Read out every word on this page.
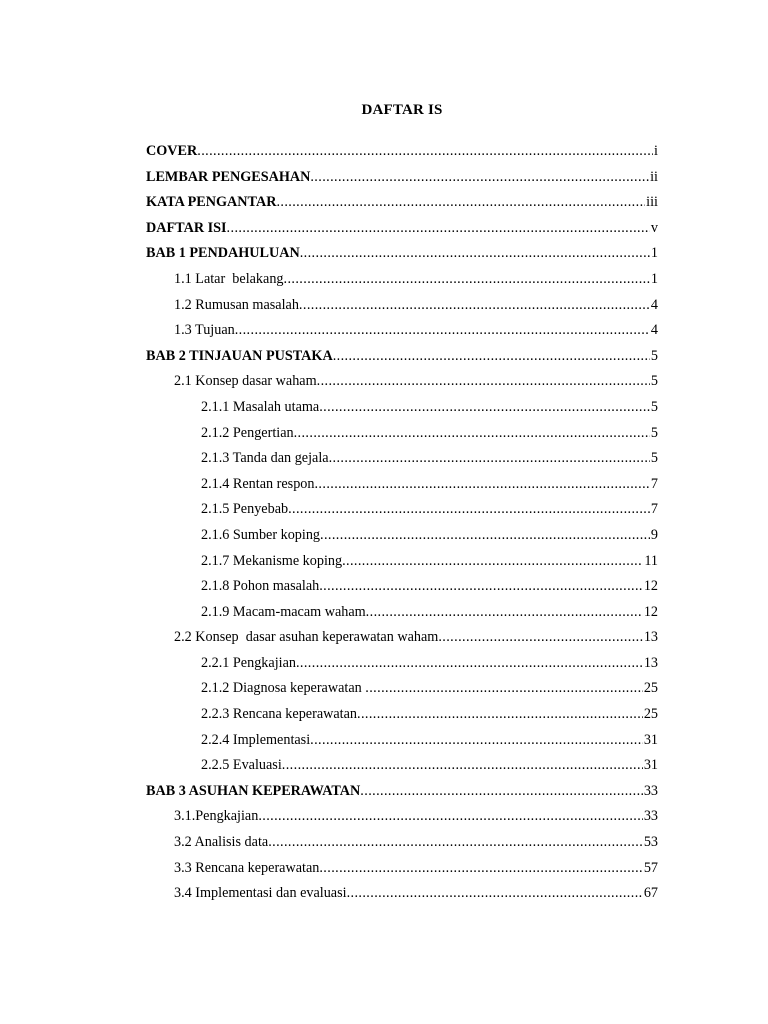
DAFTAR IS
COVER .....	i
LEMBAR PENGESAHAN .....	ii
KATA PENGANTAR .....	iii
DAFTAR ISI .....	v
BAB 1 PENDAHULUAN .....	1
1.1 Latar  belakang .....	1
1.2 Rumusan masalah .....	4
1.3 Tujuan .....	4
BAB 2 TINJAUAN PUSTAKA .....	5
2.1 Konsep dasar waham .....	5
2.1.1 Masalah utama .....	5
2.1.2 Pengertian .....	5
2.1.3 Tanda dan gejala .....	5
2.1.4 Rentan respon .....	7
2.1.5 Penyebab .....	7
2.1.6 Sumber koping .....	9
2.1.7 Mekanisme koping .....	11
2.1.8 Pohon masalah .....	12
2.1.9 Macam-macam waham .....	12
2.2 Konsep  dasar asuhan keperawatan waham .....	13
2.2.1 Pengkajian .....	13
2.1.2 Diagnosa keperawatan .....	25
2.2.3 Rencana keperawatan .....	25
2.2.4 Implementasi .....	31
2.2.5 Evaluasi .....	31
BAB 3 ASUHAN KEPERAWATAN .....	33
3.1.Pengkajian .....	33
3.2 Analisis data .....	53
3.3 Rencana keperawatan .....	57
3.4 Implementasi dan evaluasi .....	67
